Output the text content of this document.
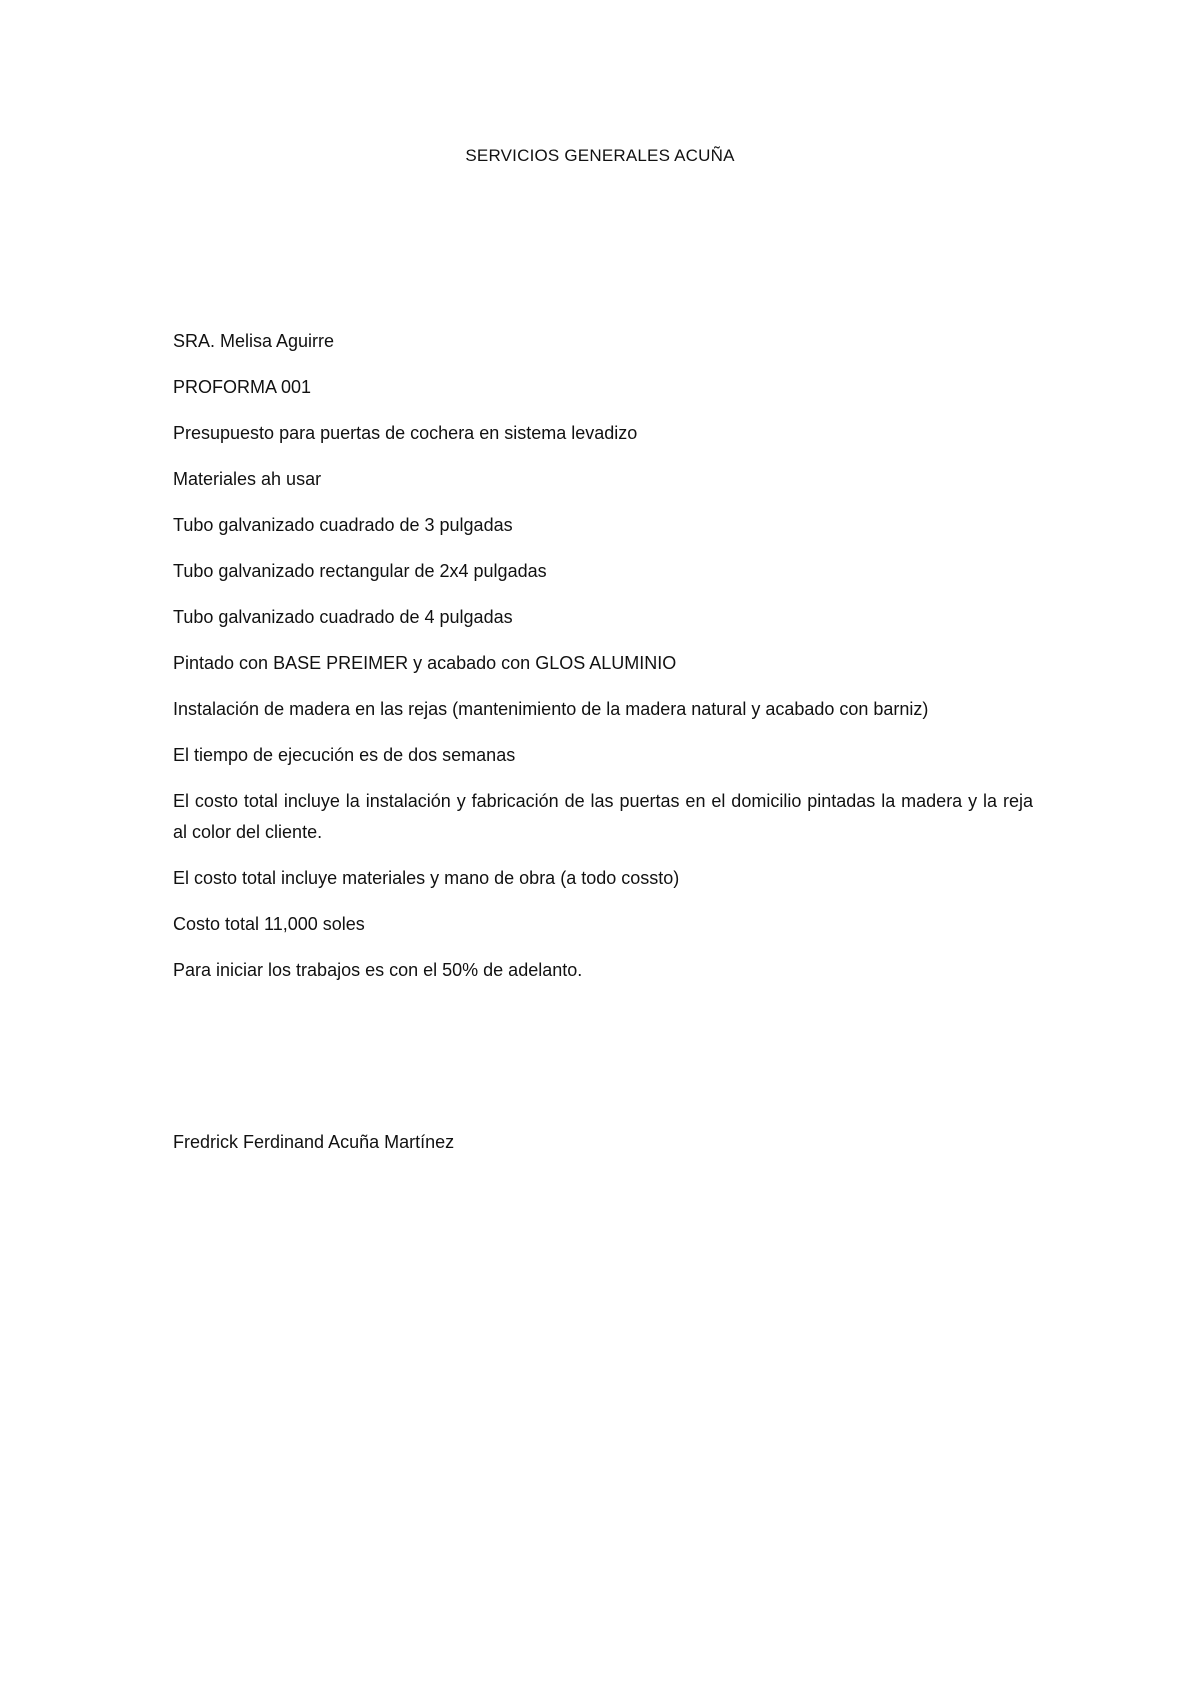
SERVICIOS GENERALES ACUÑA

SRA. Melisa Aguirre

PROFORMA 001

Presupuesto para puertas de cochera en sistema levadizo

Materiales ah usar

Tubo galvanizado cuadrado de 3 pulgadas

Tubo galvanizado rectangular de 2x4 pulgadas

Tubo galvanizado cuadrado de 4 pulgadas

Pintado con BASE PREIMER y acabado con GLOS ALUMINIO

Instalación de madera en las rejas (mantenimiento de la madera natural y acabado con barniz)

El tiempo de ejecución es de dos semanas

El costo total incluye la instalación y fabricación de las puertas en el domicilio pintadas la madera y la reja al color del cliente.

El costo total incluye materiales y mano de obra (a todo cossto)

Costo total 11,000 soles

Para iniciar los trabajos es con el 50% de adelanto.

Fredrick Ferdinand Acuña Martínez
